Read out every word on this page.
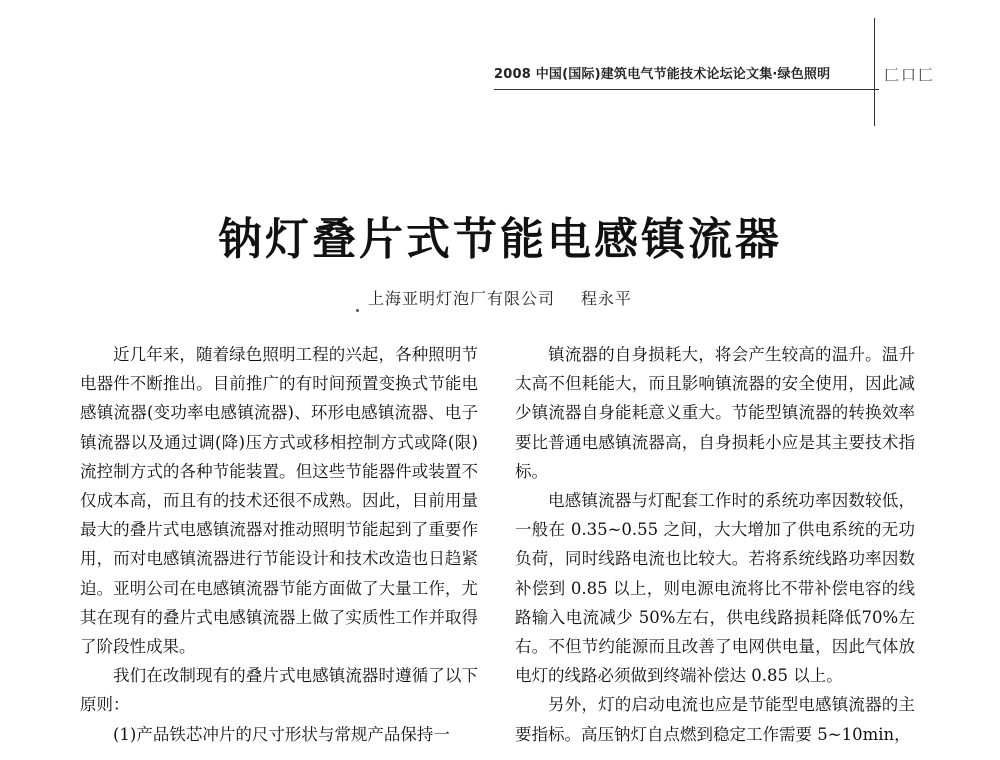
2008 中国(国际)建筑电气节能技术论坛论文集·绿色照明	匚口匚
钠灯叠片式节能电感镇流器
上海亚明灯泡厂有限公司 程永平

近几年来，随着绿色照明工程的兴起，各种照明节电器件不断推出。目前推广的有时间预置变换式节能电感镇流器(变功率电感镇流器)、环形电感镇流器、电子镇流器以及通过调(降)压方式或移相控制方式或降(限)流控制方式的各种节能装置。但这些节能器件或装置不仅成本高，而且有的技术还很不成熟。因此，目前用量最大的叠片式电感镇流器对推动照明节能起到了重要作用，而对电感镇流器进行节能设计和技术改造也日趋紧迫。亚明公司在电感镇流器节能方面做了大量工作，尤其在现有的叠片式电感镇流器上做了实质性工作并取得了阶段性成果。

我们在改制现有的叠片式电感镇流器时遵循了以下原则：

(1)产品铁芯冲片的尺寸形状与常规产品保持一

镇流器的自身损耗大，将会产生较高的温升。温升太高不但耗能大，而且影响镇流器的安全使用，因此减少镇流器自身能耗意义重大。节能型镇流器的转换效率要比普通电感镇流器高，自身损耗小应是其主要技术指标。

电感镇流器与灯配套工作时的系统功率因数较低，一般在 0.35~0.55 之间，大大增加了供电系统的无功负荷，同时线路电流也比较大。若将系统线路功率因数补偿到 0.85 以上，则电源电流将比不带补偿电容的线路输入电流减少 50%左右，供电线路损耗降低70%左右。不但节约能源而且改善了电网供电量，因此气体放电灯的线路必须做到终端补偿达 0.85 以上。

另外，灯的启动电流也应是节能型电感镇流器的主要指标。高压钠灯自点燃到稳定工作需要 5~10min，
